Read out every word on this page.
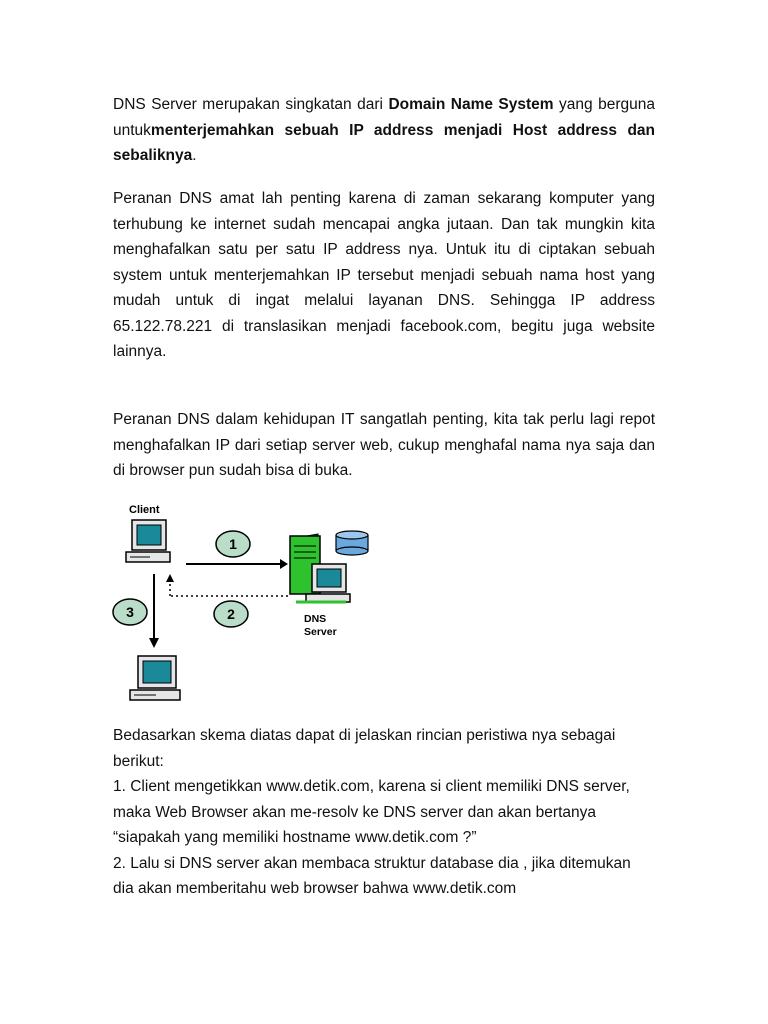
DNS Server merupakan singkatan dari Domain Name System yang berguna untukmenterjemahkan sebuah IP address menjadi Host address dan sebaliknya.

Peranan DNS amat lah penting karena di zaman sekarang komputer yang terhubung ke internet sudah mencapai angka jutaan. Dan tak mungkin kita menghafalkan satu per satu IP address nya. Untuk itu di ciptakan sebuah system untuk menterjemahkan IP tersebut menjadi sebuah nama host yang mudah untuk di ingat melalui layanan DNS. Sehingga IP address 65.122.78.221 di translasikan menjadi facebook.com, begitu juga website lainnya.

Peranan DNS dalam kehidupan IT sangatlah penting, kita tak perlu lagi repot menghafalkan IP dari setiap server web, cukup menghafal nama nya saja dan di browser pun sudah bisa di buka.

Client
1
2
3	DNS
Server

Bedasarkan skema diatas dapat di jelaskan rincian peristiwa nya sebagai berikut:
1. Client mengetikkan www.detik.com, karena si client memiliki DNS server, maka Web Browser akan me-resolv ke DNS server dan akan bertanya “siapakah yang memiliki hostname www.detik.com ?”
2. Lalu si DNS server akan membaca struktur database dia , jika ditemukan dia akan memberitahu web browser bahwa www.detik.com
